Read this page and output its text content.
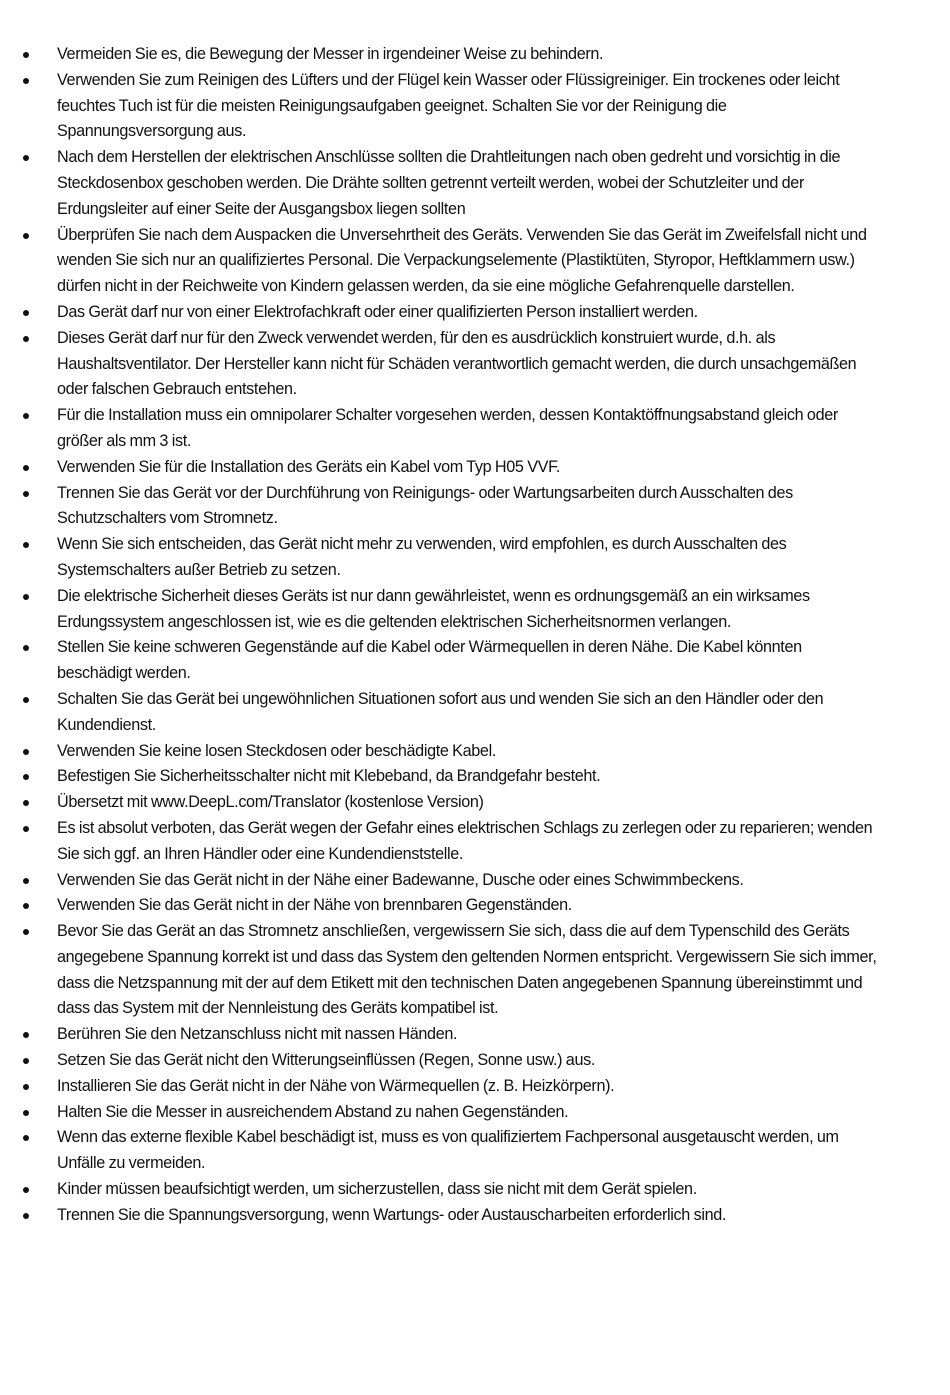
Vermeiden Sie es, die Bewegung der Messer in irgendeiner Weise zu behindern.
Verwenden Sie zum Reinigen des Lüfters und der Flügel kein Wasser oder Flüssigreiniger. Ein trockenes oder leicht feuchtes Tuch ist für die meisten Reinigungsaufgaben geeignet. Schalten Sie vor der Reinigung die Spannungsversorgung aus.
Nach dem Herstellen der elektrischen Anschlüsse sollten die Drahtleitungen nach oben gedreht und vorsichtig in die Steckdosenbox geschoben werden. Die Drähte sollten getrennt verteilt werden, wobei der Schutzleiter und der Erdungsleiter auf einer Seite der Ausgangsbox liegen sollten
Überprüfen Sie nach dem Auspacken die Unversehrtheit des Geräts. Verwenden Sie das Gerät im Zweifelsfall nicht und wenden Sie sich nur an qualifiziertes Personal. Die Verpackungselemente (Plastiktüten, Styropor, Heftklammern usw.) dürfen nicht in der Reichweite von Kindern gelassen werden, da sie eine mögliche Gefahrenquelle darstellen.
Das Gerät darf nur von einer Elektrofachkraft oder einer qualifizierten Person installiert werden.
Dieses Gerät darf nur für den Zweck verwendet werden, für den es ausdrücklich konstruiert wurde, d.h. als Haushaltsventilator. Der Hersteller kann nicht für Schäden verantwortlich gemacht werden, die durch unsachgemäßen oder falschen Gebrauch entstehen.
Für die Installation muss ein omnipolarer Schalter vorgesehen werden, dessen Kontaktöffnungsabstand gleich oder größer als mm 3 ist.
Verwenden Sie für die Installation des Geräts ein Kabel vom Typ H05 VVF.
Trennen Sie das Gerät vor der Durchführung von Reinigungs- oder Wartungsarbeiten durch Ausschalten des Schutzschalters vom Stromnetz.
Wenn Sie sich entscheiden, das Gerät nicht mehr zu verwenden, wird empfohlen, es durch Ausschalten des Systemschalters außer Betrieb zu setzen.
Die elektrische Sicherheit dieses Geräts ist nur dann gewährleistet, wenn es ordnungsgemäß an ein wirksames Erdungssystem angeschlossen ist, wie es die geltenden elektrischen Sicherheitsnormen verlangen.
Stellen Sie keine schweren Gegenstände auf die Kabel oder Wärmequellen in deren Nähe. Die Kabel könnten beschädigt werden.
Schalten Sie das Gerät bei ungewöhnlichen Situationen sofort aus und wenden Sie sich an den Händler oder den Kundendienst.
Verwenden Sie keine losen Steckdosen oder beschädigte Kabel.
Befestigen Sie Sicherheitsschalter nicht mit Klebeband, da Brandgefahr besteht.
Übersetzt mit www.DeepL.com/Translator (kostenlose Version)
Es ist absolut verboten, das Gerät wegen der Gefahr eines elektrischen Schlags zu zerlegen oder zu reparieren; wenden Sie sich ggf. an Ihren Händler oder eine Kundendienststelle.
Verwenden Sie das Gerät nicht in der Nähe einer Badewanne, Dusche oder eines Schwimmbeckens.
Verwenden Sie das Gerät nicht in der Nähe von brennbaren Gegenständen.
Bevor Sie das Gerät an das Stromnetz anschließen, vergewissern Sie sich, dass die auf dem Typenschild des Geräts angegebene Spannung korrekt ist und dass das System den geltenden Normen entspricht. Vergewissern Sie sich immer, dass die Netzspannung mit der auf dem Etikett mit den technischen Daten angegebenen Spannung übereinstimmt und dass das System mit der Nennleistung des Geräts kompatibel ist.
Berühren Sie den Netzanschluss nicht mit nassen Händen.
Setzen Sie das Gerät nicht den Witterungseinflüssen (Regen, Sonne usw.) aus.
Installieren Sie das Gerät nicht in der Nähe von Wärmequellen (z. B. Heizkörpern).
Halten Sie die Messer in ausreichendem Abstand zu nahen Gegenständen.
Wenn das externe flexible Kabel beschädigt ist, muss es von qualifiziertem Fachpersonal ausgetauscht werden, um Unfälle zu vermeiden.
Kinder müssen beaufsichtigt werden, um sicherzustellen, dass sie nicht mit dem Gerät spielen.
Trennen Sie die Spannungsversorgung, wenn Wartungs- oder Austauscharbeiten erforderlich sind.
